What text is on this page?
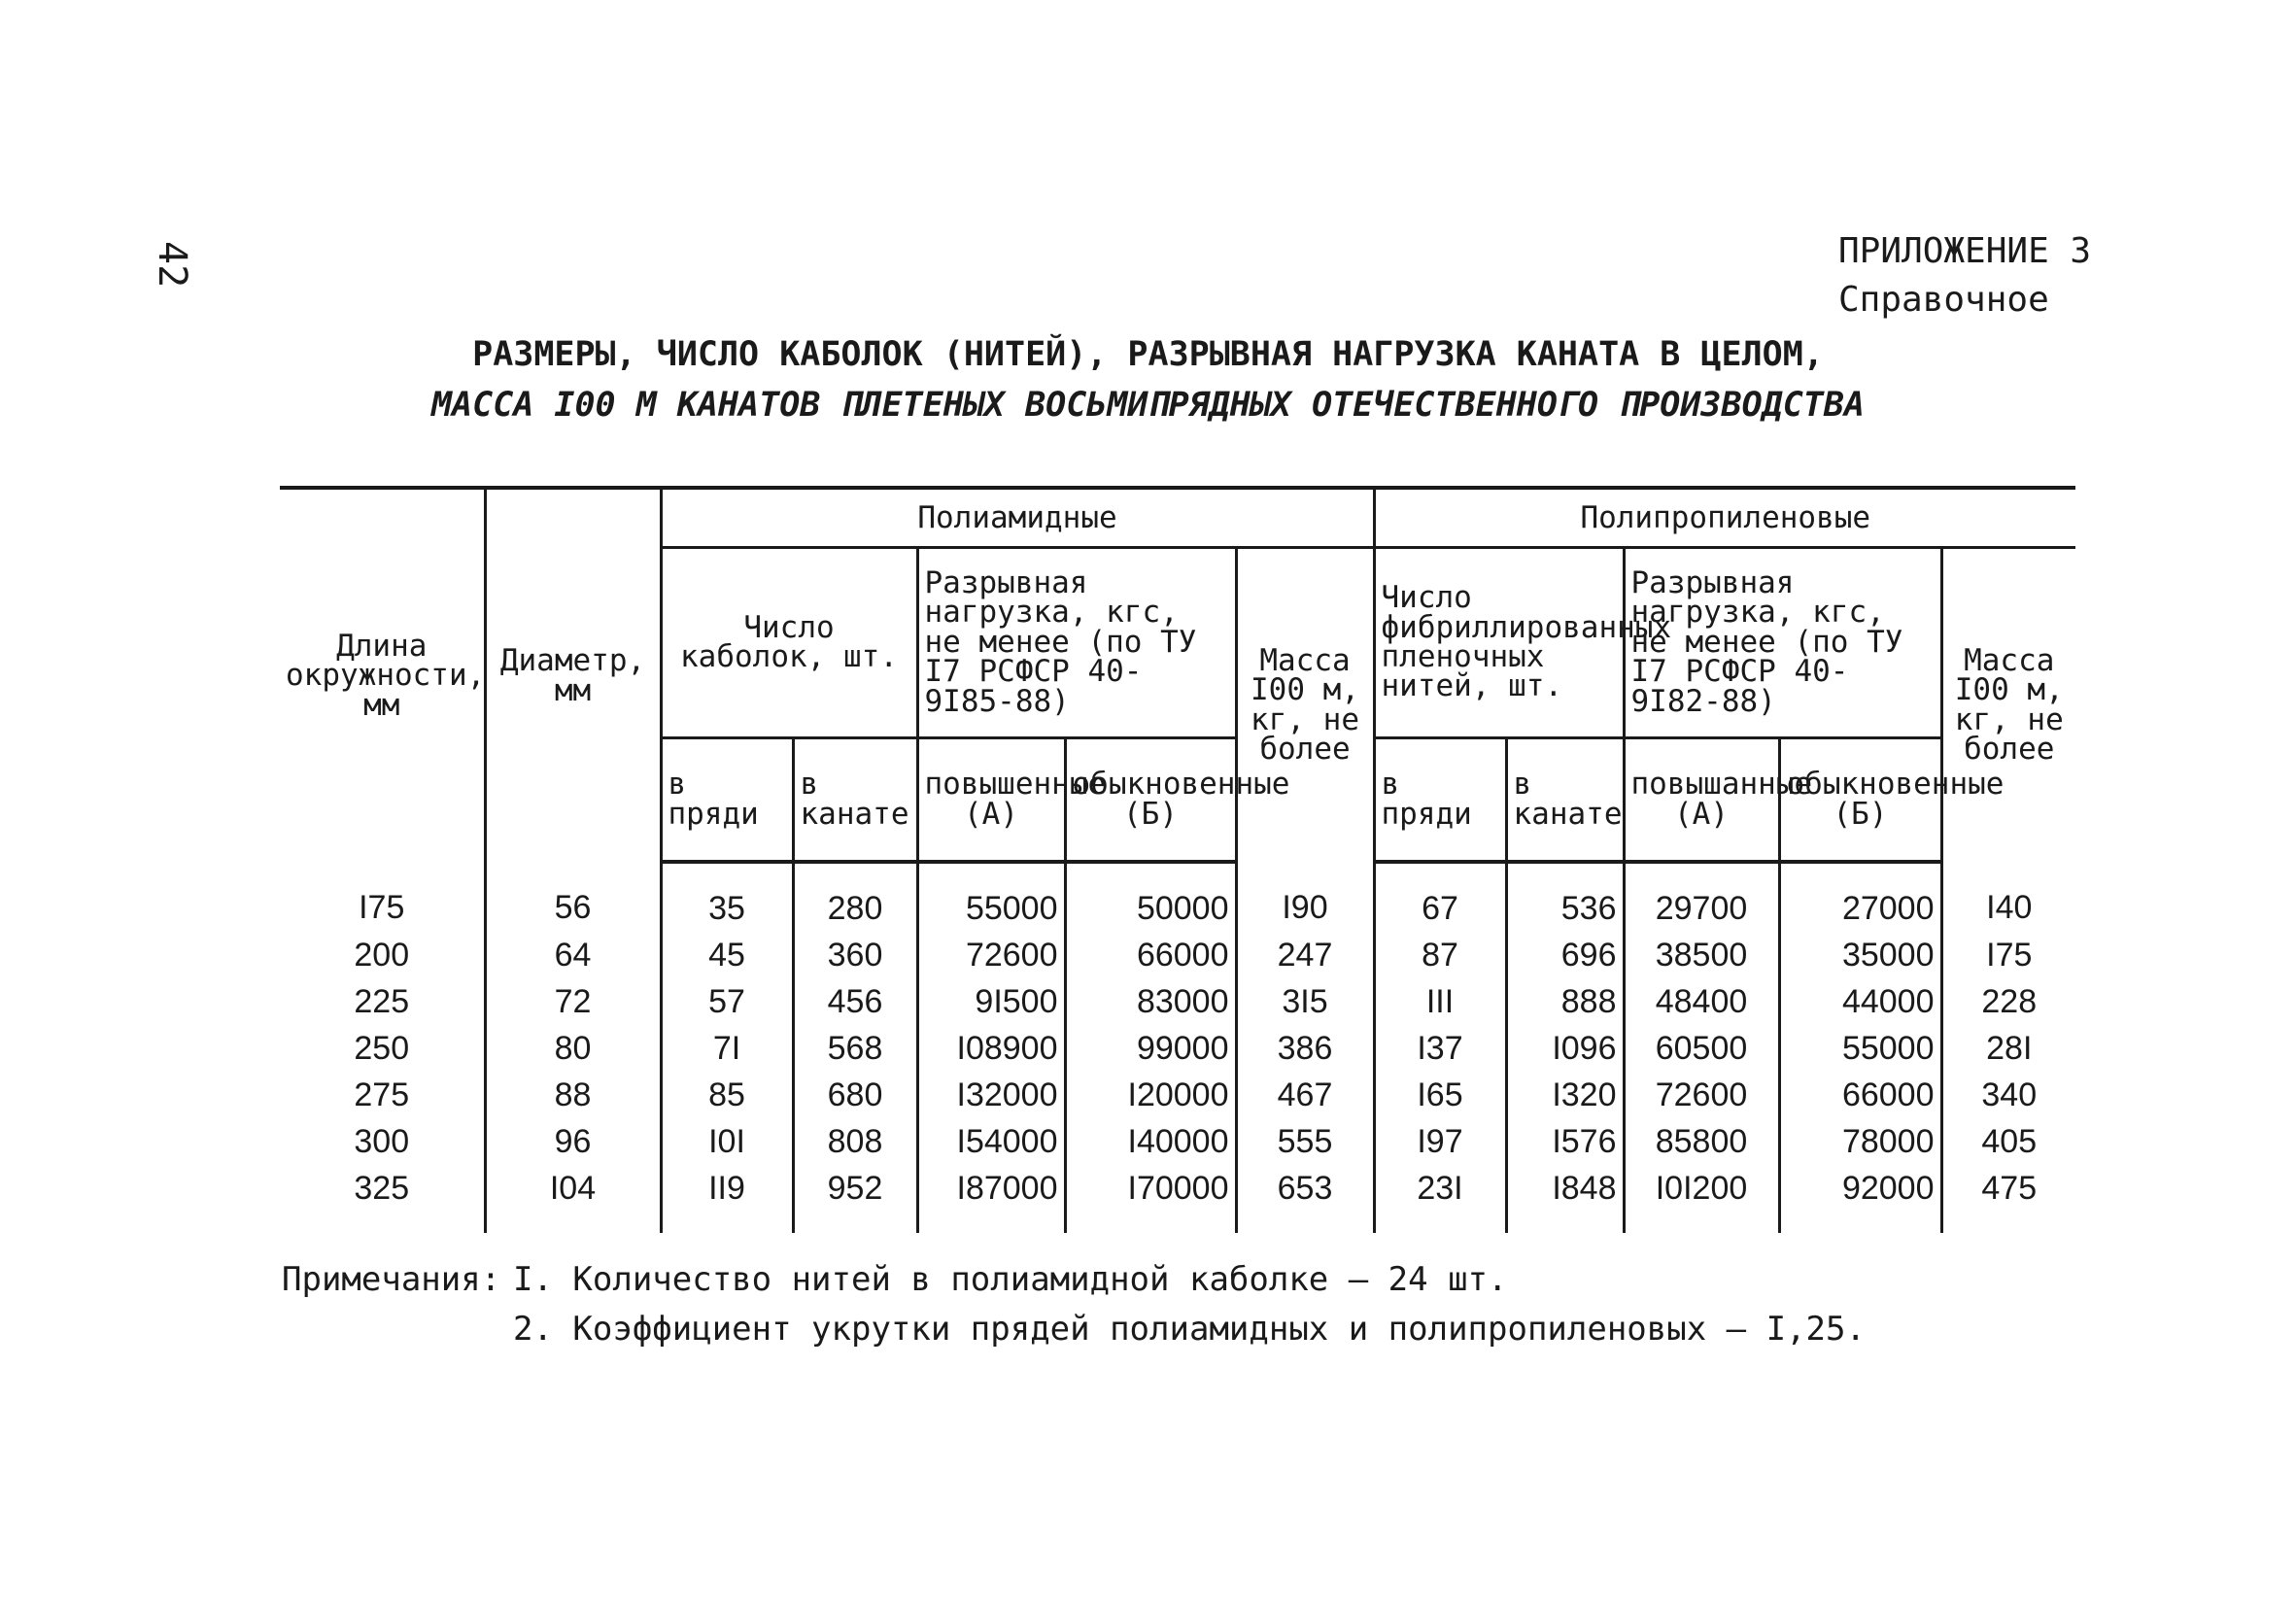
42	ПРИЛОЖЕНИЕ 3
Справочное
РАЗМЕРЫ, ЧИСЛО КАБОЛОК (НИТЕЙ), РАЗРЫВНАЯ НАГРУЗКА КАНАТА В ЦЕЛОМ,
МАССА I00 М КАНАТОВ ПЛЕТЕНЫХ ВОСЬМИПРЯДНЫХ ОТЕЧЕСТВЕННОГО ПРОИЗВОДСТВА
Длина окружности, мм	Диаметр, мм	Полиамидные					Полипропиленовые				
		Число каболок, шт.		Разрывная нагрузка, кгс, не менее (по ТУ I7 РСФСР 40-9I85-88)		Масса I00 м, кг, не более	Число фибриллированных пленочных нитей, шт.		Разрывная нагрузка, кгс, не менее (по ТУ I7 РСФСР 40-9I82-88)		Масса I00 м, кг, не более
		в пряди	в канате	повышенные (А)	обыкновенные (Б)		в пряди	в канате	повышанные (А)	обыкновенные (Б)	
I75	56	35	280	55000	50000	I90	67	536	29700	27000	I40
200	64	45	360	72600	66000	247	87	696	38500	35000	I75
225	72	57	456	9I500	83000	3I5	III	888	48400	44000	228
250	80	7I	568	I08900	99000	386	I37	I096	60500	55000	28I
275	88	85	680	I32000	I20000	467	I65	I320	72600	66000	340
300	96	I0I	808	I54000	I40000	555	I97	I576	85800	78000	405
325	I04	II9	952	I87000	I70000	653	23I	I848	I0I200	92000	475
Примечания: I. Количество нитей в полиамидной каболке – 24 шт.
2. Коэффициент укрутки прядей полиамидных и полипропиленовых – I,25.
